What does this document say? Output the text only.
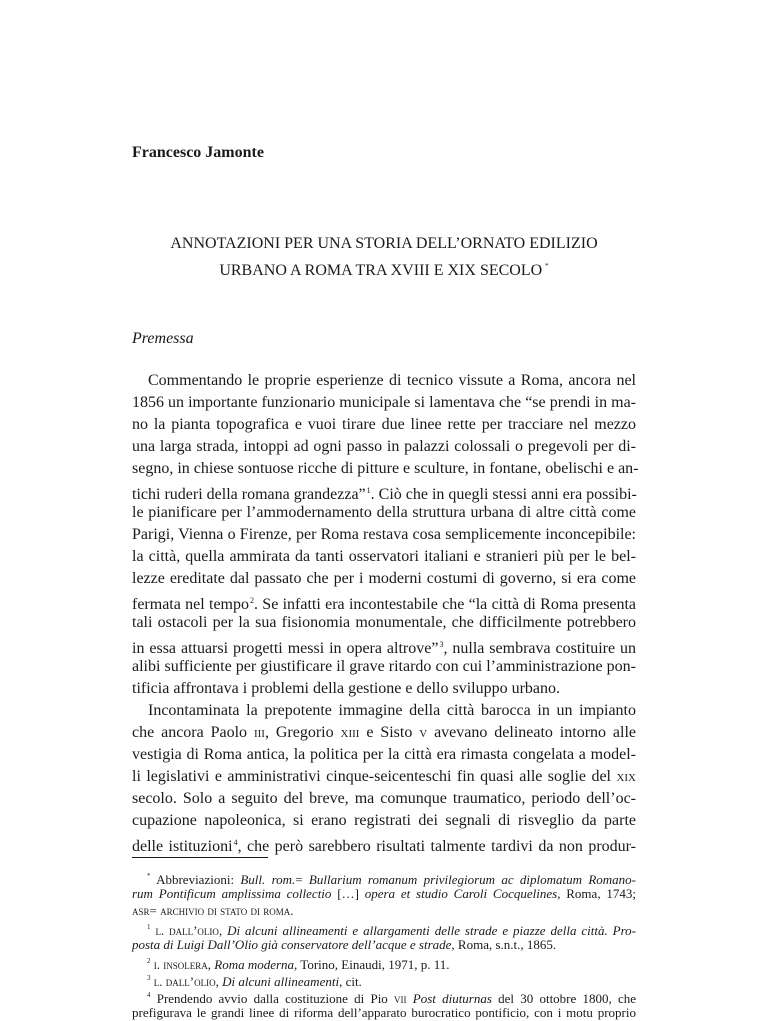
Francesco Jamonte
ANNOTAZIONI PER UNA STORIA DELL’ORNATO EDILIZIO
URBANO A ROMA TRA XVIII E XIX SECOLO *
Premessa
Commentando le proprie esperienze di tecnico vissute a Roma, ancora nel
1856 un importante funzionario municipale si lamentava che “se prendi in ma-
no la pianta topografica e vuoi tirare due linee rette per tracciare nel mezzo
una larga strada, intoppi ad ogni passo in palazzi colossali o pregevoli per di-
segno, in chiese sontuose ricche di pitture e sculture, in fontane, obelischi e an-
tichi ruderi della romana grandezza”$^1$. Ciò che in quegli stessi anni era possibi-
le pianificare per l’ammodernamento della struttura urbana di altre città come
Parigi, Vienna o Firenze, per Roma restava cosa semplicemente inconcepibile:
la città, quella ammirata da tanti osservatori italiani e stranieri più per le bel-
lezze ereditate dal passato che per i moderni costumi di governo, si era come
fermata nel tempo$^2$. Se infatti era incontestabile che “la città di Roma presenta
tali ostacoli per la sua fisionomia monumentale, che difficilmente potrebbero
in essa attuarsi progetti messi in opera altrove”$^3$, nulla sembrava costituire un
alibi sufficiente per giustificare il grave ritardo con cui l’amministrazione pon-
tificia affrontava i problemi della gestione e dello sviluppo urbano.
Incontaminata la prepotente immagine della città barocca in un impianto
che ancora Paolo iii, Gregorio xiii e Sisto v avevano delineato intorno alle
vestigia di Roma antica, la politica per la città era rimasta congelata a model-
li legislativi e amministrativi cinque-seicenteschi fin quasi alle soglie del xix
secolo. Solo a seguito del breve, ma comunque traumatico, periodo dell’oc-
cupazione napoleonica, si erano registrati dei segnali di risveglio da parte
delle istituzioni$^4$, che però sarebbero risultati talmente tardivi da non produr-
* Abbreviazioni: Bull. rom.= Bullarium romanum privilegiorum ac diplomatum Romano-
rum Pontificum amplissima collectio […] opera et studio Caroli Cocquelines, Roma, 1743;
asr= archivio di stato di roma.
$^1$ l. dall’olio, Di alcuni allineamenti e allargamenti delle strade e piazze della città. Pro-
posta di Luigi Dall’Olio già conservatore dell’acque e strade, Roma, s.n.t., 1865.
$^2$ i. insolera, Roma moderna, Torino, Einaudi, 1971, p. 11.
$^3$ l. dall’olio, Di alcuni allineamenti, cit.
$^4$ Prendendo avvio dalla costituzione di Pio vii Post diuturnas del 30 ottobre 1800, che
prefigurava le grandi linee di riforma dell’apparato burocratico pontificio, con i motu proprio
